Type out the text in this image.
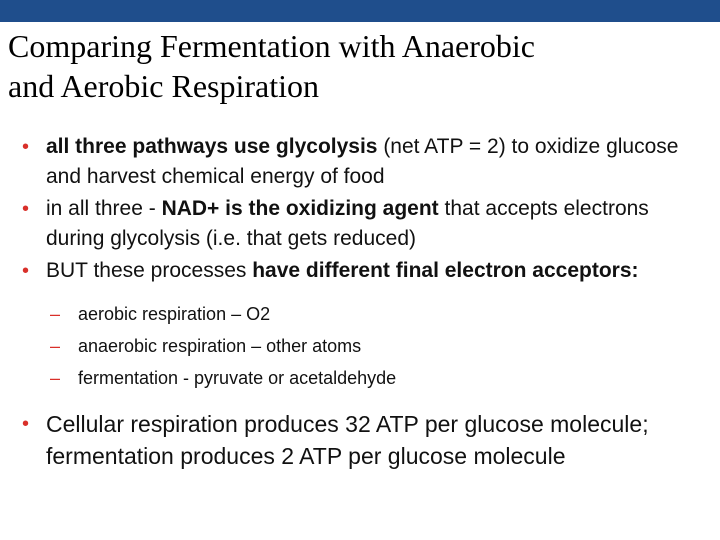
Comparing Fermentation with Anaerobic
and Aerobic Respiration
• all three pathways use glycolysis (net ATP = 2) to oxidize glucose and harvest chemical energy of food
• in all three - NAD+ is the oxidizing agent that accepts electrons during glycolysis (i.e. that gets reduced)
• BUT these processes have different final electron acceptors:
– aerobic respiration – O2
– anaerobic respiration – other atoms
– fermentation - pyruvate or acetaldehyde
• Cellular respiration produces 32 ATP per glucose molecule; fermentation produces 2 ATP per glucose molecule
